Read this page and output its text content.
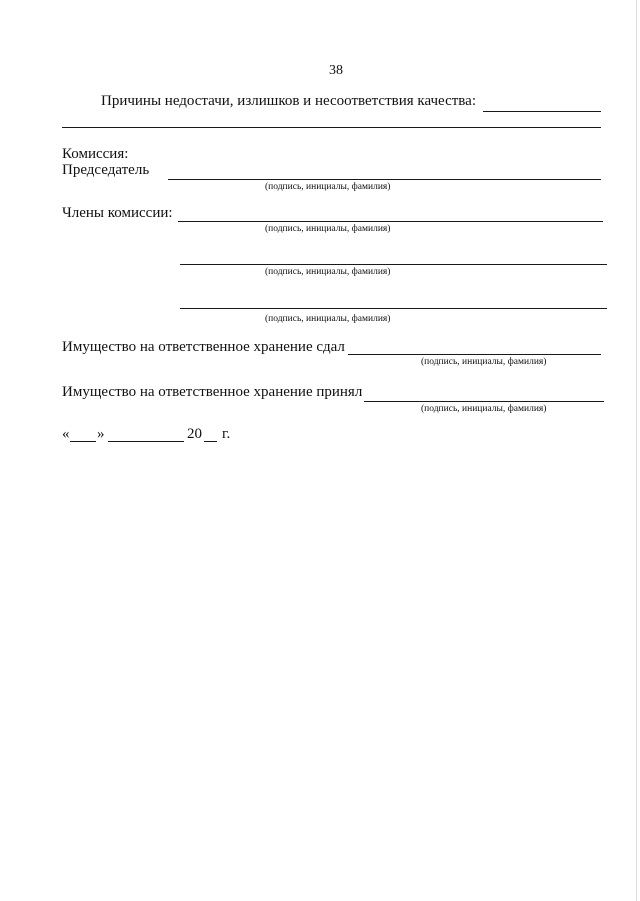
38
Причины недостачи, излишков и несоответствия качества:
Комиссия:
Председатель
(подпись, инициалы, фамилия)
Члены комиссии:
(подпись, инициалы, фамилия)
(подпись, инициалы, фамилия)
(подпись, инициалы, фамилия)
Имущество на ответственное хранение сдал
(подпись, инициалы, фамилия)
Имущество на ответственное хранение принял
(подпись, инициалы, фамилия)
« »	20 г.
